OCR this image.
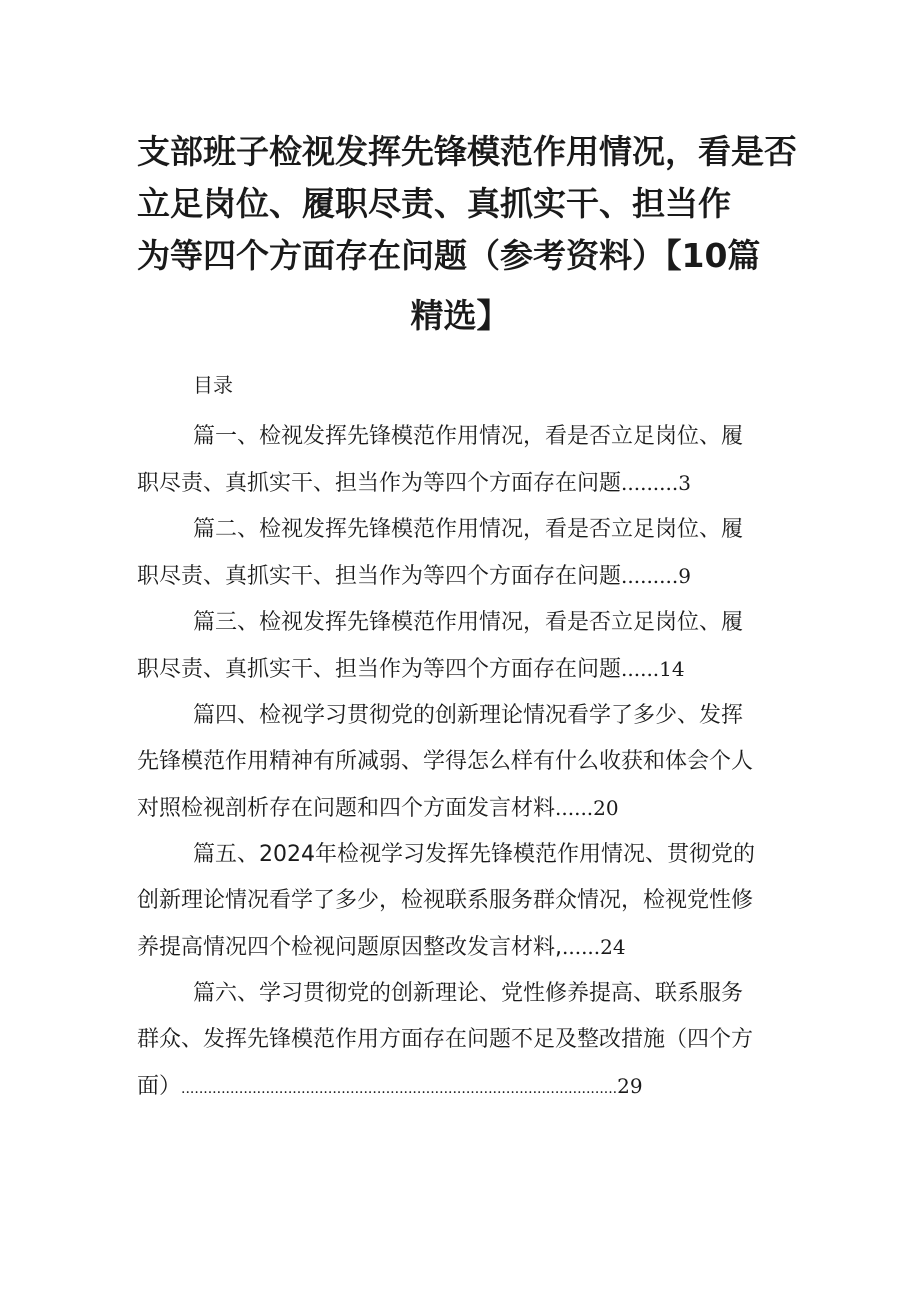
支部班子检视发挥先锋模范作用情况，看是否
立足岗位、履职尽责、真抓实干、担当作
为等四个方面存在问题（参考资料）【10篇
精选】
目录
篇一、检视发挥先锋模范作用情况，看是否立足岗位、履
职尽责、真抓实干、担当作为等四个方面存在问题.........3
篇二、检视发挥先锋模范作用情况，看是否立足岗位、履
职尽责、真抓实干、担当作为等四个方面存在问题.........9
篇三、检视发挥先锋模范作用情况，看是否立足岗位、履
职尽责、真抓实干、担当作为等四个方面存在问题......14
篇四、检视学习贯彻党的创新理论情况看学了多少、发挥
先锋模范作用精神有所减弱、学得怎么样有什么收获和体会个人
对照检视剖析存在问题和四个方面发言材料......20
篇五、2024年检视学习发挥先锋模范作用情况、贯彻党的
创新理论情况看学了多少，检视联系服务群众情况，检视党性修
养提高情况四个检视问题原因整改发言材料,......24
篇六、学习贯彻党的创新理论、党性修养提高、联系服务
群众、发挥先锋模范作用方面存在问题不足及整改措施（四个方
面）..................................................................................................29
